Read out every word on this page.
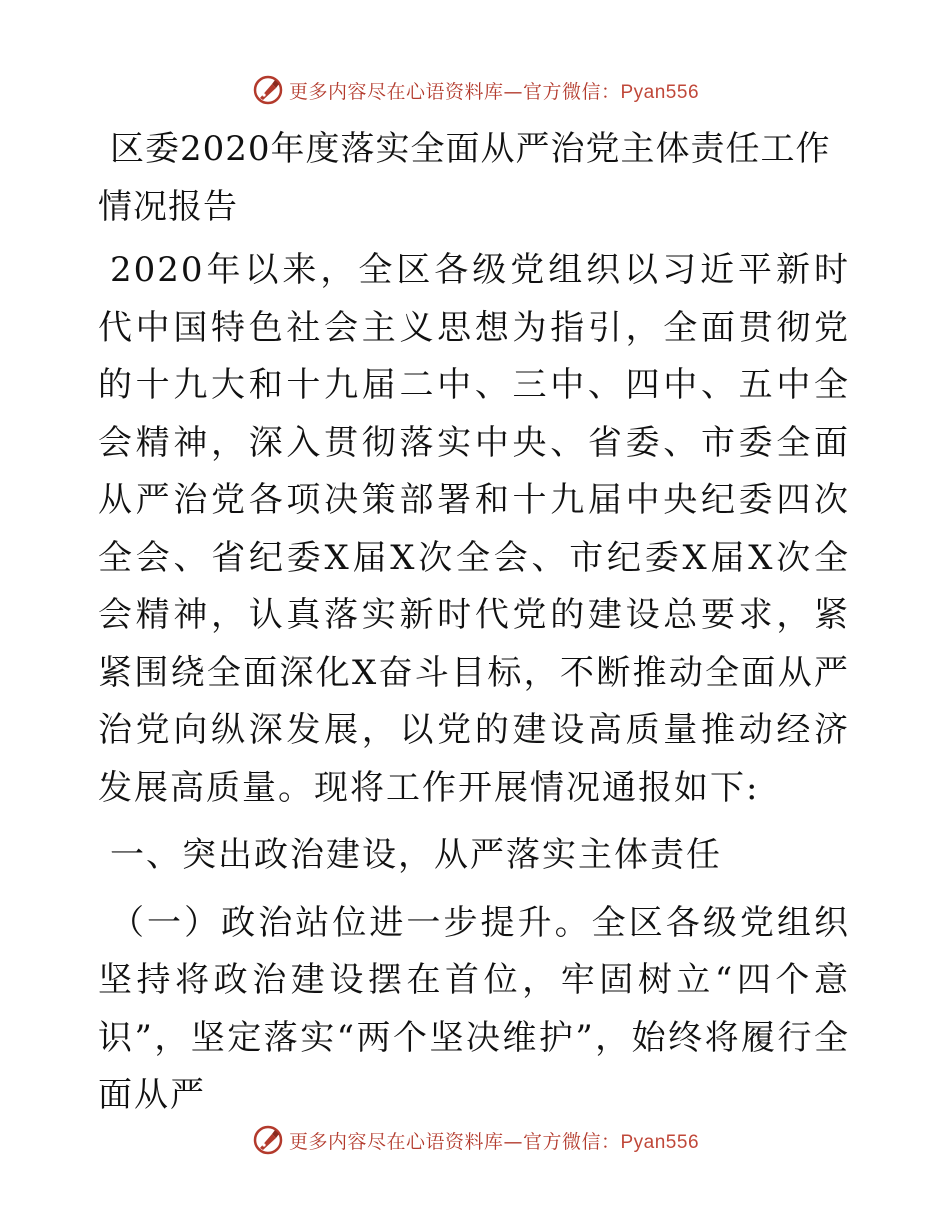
更多内容尽在心语资料库—官方微信：Pyan556
区委2020年度落实全面从严治党主体责任工作情况报告

2020年以来，全区各级党组织以习近平新时代中国特色社会主义思想为指引，全面贯彻党的十九大和十九届二中、三中、四中、五中全会精神，深入贯彻落实中央、省委、市委全面从严治党各项决策部署和十九届中央纪委四次全会、省纪委X届X次全会、市纪委X届X次全会精神，认真落实新时代党的建设总要求，紧紧围绕全面深化X奋斗目标，不断推动全面从严治党向纵深发展，以党的建设高质量推动经济发展高质量。现将工作开展情况通报如下:

一、突出政治建设，从严落实主体责任

（一）政治站位进一步提升。全区各级党组织坚持将政治建设摆在首位，牢固树立“四个意识”，坚定落实“两个坚决维护”，始终将履行全面从严

更多内容尽在心语资料库—官方微信：Pyan556
